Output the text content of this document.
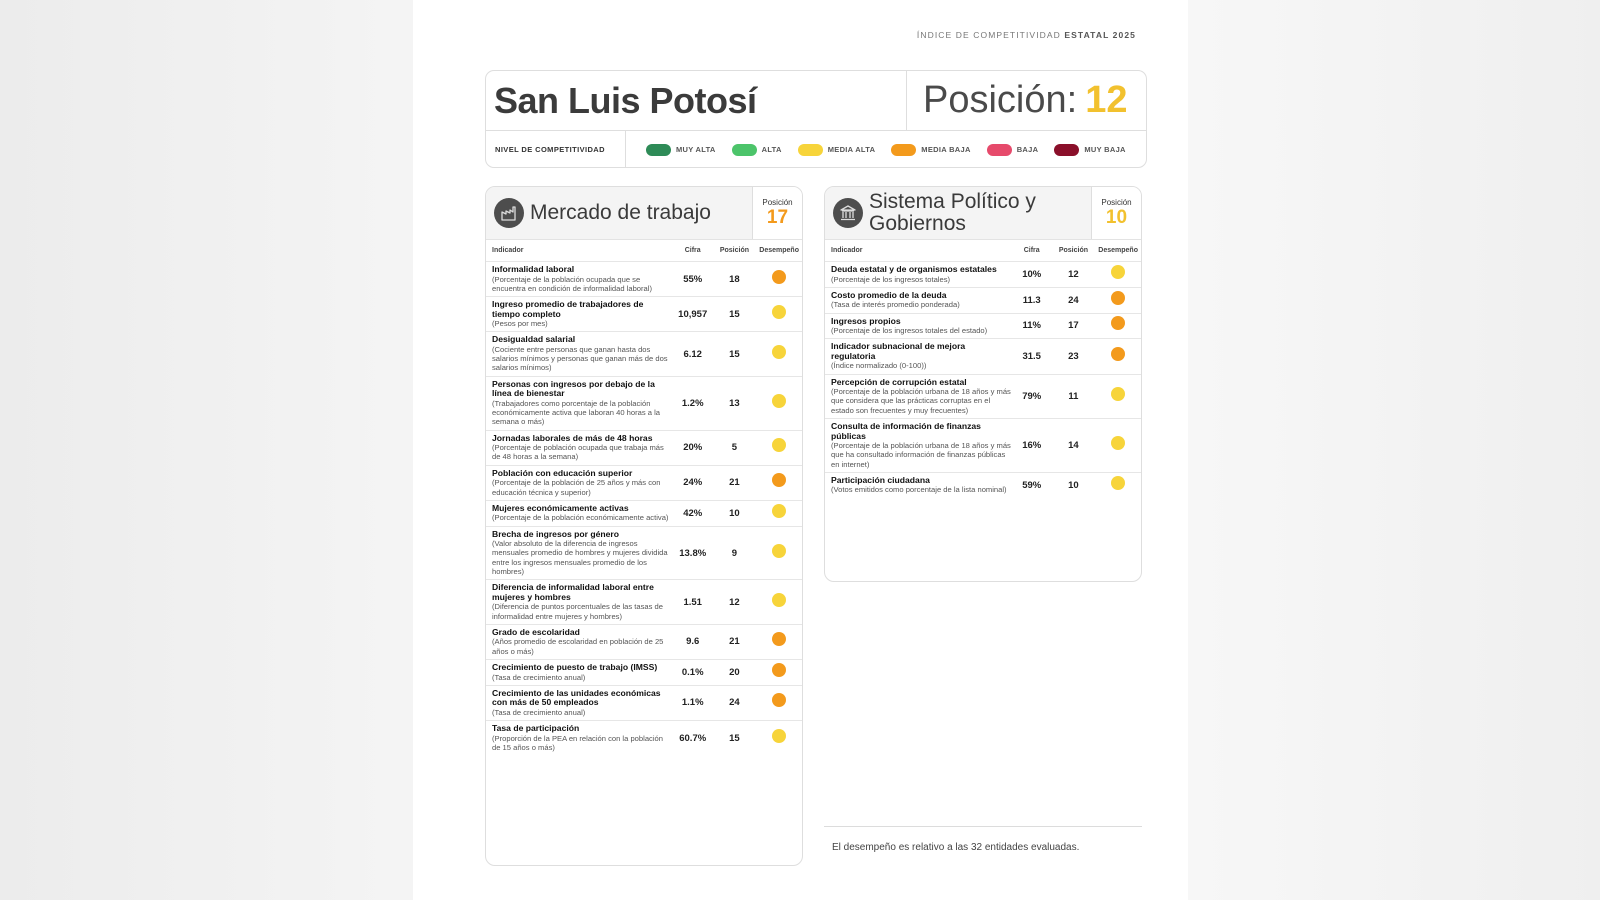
ÍNDICE DE COMPETITIVIDAD ESTATAL 2025
San Luis Potosí	Posición: 12
NIVEL DE COMPETITIVIDAD	MUY ALTA	ALTA	MEDIA ALTA	MEDIA BAJA	BAJA	MUY BAJA
Mercado de trabajo	Posición
17
Indicador	Cifra	Posición	Desempeño
Informalidad laboral
(Porcentaje de la población ocupada que se encuentra en condición de informalidad laboral)
55%	18
Ingreso promedio de trabajadores de tiempo completo
(Pesos por mes)
10,957	15
Desigualdad salarial
(Cociente entre personas que ganan hasta dos salarios mínimos y personas que ganan más de dos salarios mínimos)
6.12	15
Personas con ingresos por debajo de la línea de bienestar
(Trabajadores como porcentaje de la población económicamente activa que laboran 40 horas a la semana o más)
1.2%	13
Jornadas laborales de más de 48 horas
(Porcentaje de población ocupada que trabaja más de 48 horas a la semana)
20%	5
Población con educación superior
(Porcentaje de la población de 25 años y más con educación técnica y superior)
24%	21
Mujeres económicamente activas
(Porcentaje de la población económicamente activa)	42%	10
Brecha de ingresos por género
(Valor absoluto de la diferencia de ingresos mensuales promedio de hombres y mujeres dividida entre los ingresos mensuales promedio de los hombres)
13.8%	9
Diferencia de informalidad laboral entre mujeres y hombres
(Diferencia de puntos porcentuales de las tasas de informalidad entre mujeres y hombres)
1.51	12
Grado de escolaridad
(Años promedio de escolaridad en población de 25 años o más)
9.6	21
Crecimiento de puesto de trabajo (IMSS)
(Tasa de crecimiento anual)	0.1%	20
Crecimiento de las unidades económicas con más de 50 empleados
(Tasa de crecimiento anual)
1.1%	24
Tasa de participación
(Proporción de la PEA en relación con la población de 15 años o más)
60.7%	15
Sistema Político y Gobiernos
Posición
10
Indicador	Cifra	Posición	Desempeño
Deuda estatal y de organismos estatales
(Porcentaje de los ingresos totales)	10%	12
Costo promedio de la deuda
(Tasa de interés promedio ponderada)	11.3	24
Ingresos propios
(Porcentaje de los ingresos totales del estado)	11%	17
Indicador subnacional de mejora regulatoria
(Índice normalizado (0-100))
31.5	23
Percepción de corrupción estatal
(Porcentaje de la población urbana de 18 años y más que considera que las prácticas corruptas en el estado son frecuentes y muy frecuentes)
79%	11
Consulta de información de finanzas públicas
(Porcentaje de la población urbana de 18 años y más que ha consultado información de finanzas públicas en internet)
16%	14
Participación ciudadana
(Votos emitidos como porcentaje de la lista nominal)	59%	10
El desempeño es relativo a las 32 entidades evaluadas.
